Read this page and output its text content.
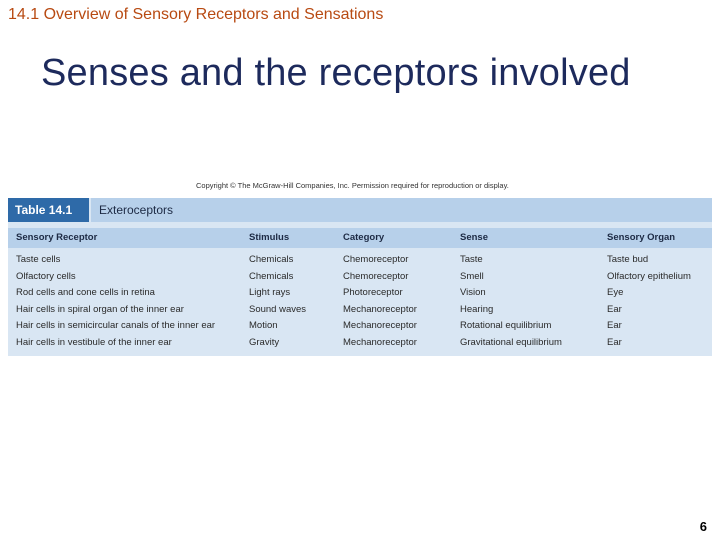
14.1 Overview of Sensory Receptors and Sensations
Senses and the receptors involved
Copyright © The McGraw-Hill Companies, Inc. Permission required for reproduction or display.
Table 14.1	Exteroceptors
Sensory Receptor	Stimulus	Category	Sense	Sensory Organ
Taste cells	Chemicals	Chemoreceptor	Taste	Taste bud
Olfactory cells	Chemicals	Chemoreceptor	Smell	Olfactory epithelium
Rod cells and cone cells in retina	Light rays	Photoreceptor	Vision	Eye
Hair cells in spiral organ of the inner ear	Sound waves	Mechanoreceptor	Hearing	Ear
Hair cells in semicircular canals of the inner ear	Motion	Mechanoreceptor	Rotational equilibrium	Ear
Hair cells in vestibule of the inner ear	Gravity	Mechanoreceptor	Gravitational equilibrium	Ear
6
